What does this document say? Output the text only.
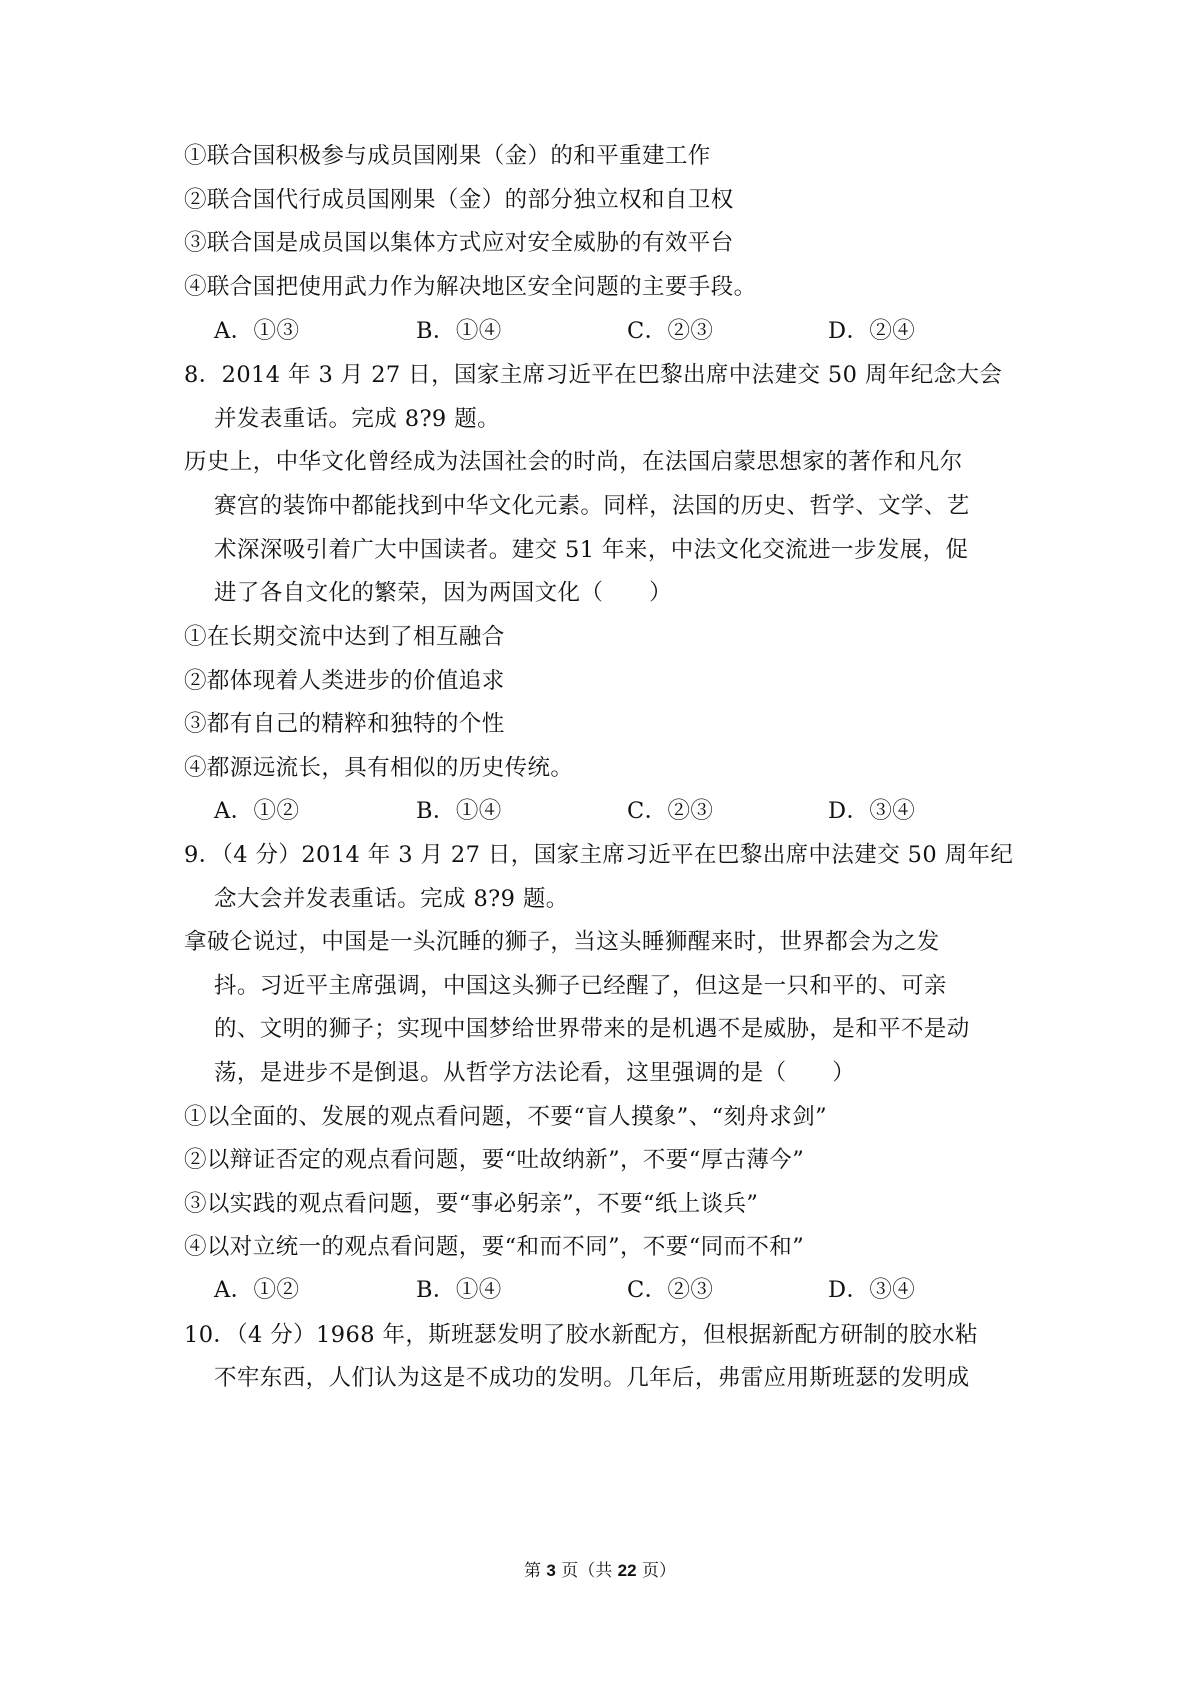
①联合国积极参与成员国刚果（金）的和平重建工作
②联合国代行成员国刚果（金）的部分独立权和自卫权
③联合国是成员国以集体方式应对安全威胁的有效平台
④联合国把使用武力作为解决地区安全问题的主要手段。
A．①③	B．①④	C．②③	D．②④
8．2014 年 3 月 27 日，国家主席习近平在巴黎出席中法建交 50 周年纪念大会
并发表重话。完成 8?9 题。
历史上，中华文化曾经成为法国社会的时尚，在法国启蒙思想家的著作和凡尔
赛宫的装饰中都能找到中华文化元素。同样，法国的历史、哲学、文学、艺
术深深吸引着广大中国读者。建交 51 年来，中法文化交流进一步发展，促
进了各自文化的繁荣，因为两国文化（　　）
①在长期交流中达到了相互融合
②都体现着人类进步的价值追求
③都有自己的精粹和独特的个性
④都源远流长，具有相似的历史传统。
A．①②	B．①④	C．②③	D．③④
9．（4 分）2014 年 3 月 27 日，国家主席习近平在巴黎出席中法建交 50 周年纪
念大会并发表重话。完成 8?9 题。
拿破仑说过，中国是一头沉睡的狮子，当这头睡狮醒来时，世界都会为之发
抖。习近平主席强调，中国这头狮子已经醒了，但这是一只和平的、可亲
的、文明的狮子；实现中国梦给世界带来的是机遇不是威胁，是和平不是动
荡，是进步不是倒退。从哲学方法论看，这里强调的是（　　）
①以全面的、发展的观点看问题，不要“盲人摸象”、“刻舟求剑”
②以辩证否定的观点看问题，要“吐故纳新”，不要“厚古薄今”
③以实践的观点看问题，要“事必躬亲”，不要“纸上谈兵”
④以对立统一的观点看问题，要“和而不同”，不要“同而不和”
A．①②	B．①④	C．②③	D．③④
10．（4 分）1968 年，斯班瑟发明了胶水新配方，但根据新配方研制的胶水粘
不牢东西，人们认为这是不成功的发明。几年后，弗雷应用斯班瑟的发明成
第 3 页（共 22 页）
